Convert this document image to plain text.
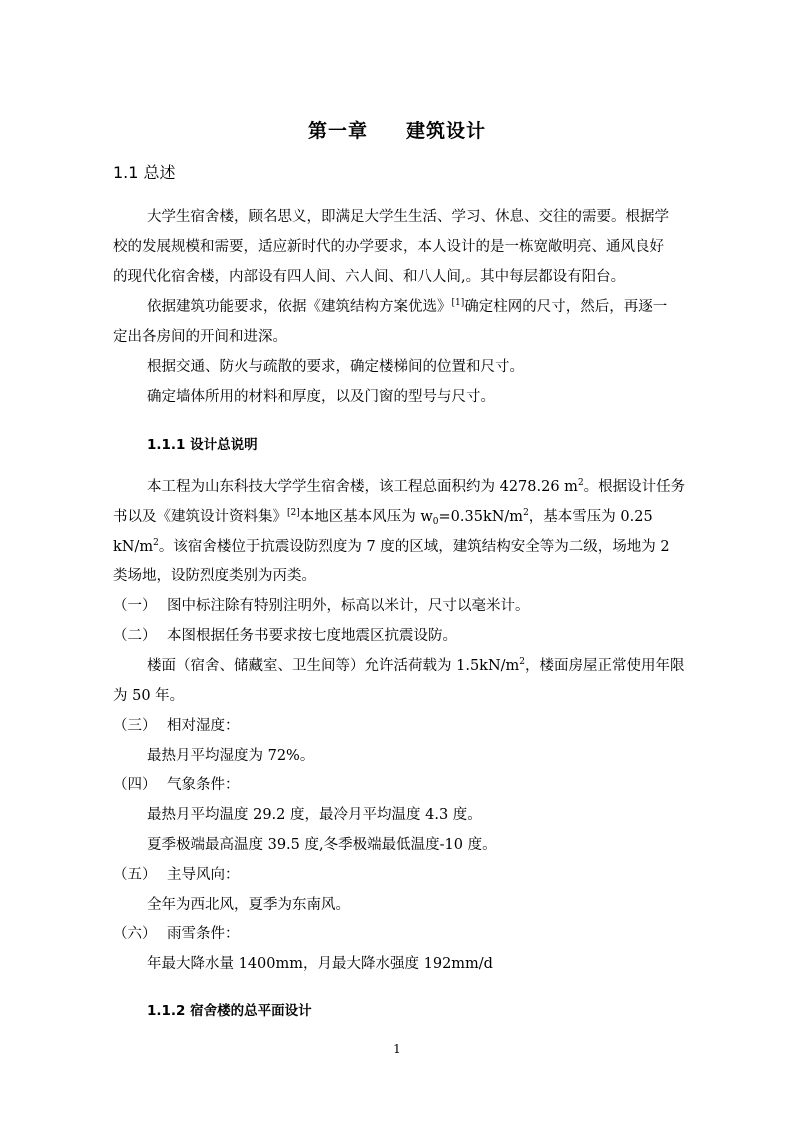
第一章 建筑设计
1.1 总述
大学生宿舍楼，顾名思义，即满足大学生生活、学习、休息、交往的需要。根据学
校的发展规模和需要，适应新时代的办学要求，本人设计的是一栋宽敞明亮、通风良好
的现代化宿舍楼，内部设有四人间、六人间、和八人间,。其中每层都设有阳台。
依据建筑功能要求，依据《建筑结构方案优选》[1]确定柱网的尺寸，然后，再逐一
定出各房间的开间和进深。
根据交通、防火与疏散的要求，确定楼梯间的位置和尺寸。
确定墙体所用的材料和厚度，以及门窗的型号与尺寸。
1.1.1 设计总说明
本工程为山东科技大学学生宿舍楼，该工程总面积约为 4278.26 $m^2$。根据设计任务
书以及《建筑设计资料集》[2]本地区基本风压为 $w_0=0.35kN/m^2$，基本雪压为 0.25
$kN/m^2$。该宿舍楼位于抗震设防烈度为 7 度的区域，建筑结构安全等为二级，场地为 2
类场地，设防烈度类别为丙类。
（一） 图中标注除有特别注明外，标高以米计，尺寸以毫米计。
（二） 本图根据任务书要求按七度地震区抗震设防。
楼面（宿舍、储藏室、卫生间等）允许活荷载为 $1.5kN/m^2$，楼面房屋正常使用年限
为 50 年。
（三） 相对湿度：
最热月平均湿度为 72%。
（四） 气象条件：
最热月平均温度 29.2 度，最冷月平均温度 4.3 度。
夏季极端最高温度 39.5 度,冬季极端最低温度-10 度。
（五） 主导风向：
全年为西北风，夏季为东南风。
（六） 雨雪条件：
年最大降水量 1400mm，月最大降水强度 192mm/d
1.1.2 宿舍楼的总平面设计
1
